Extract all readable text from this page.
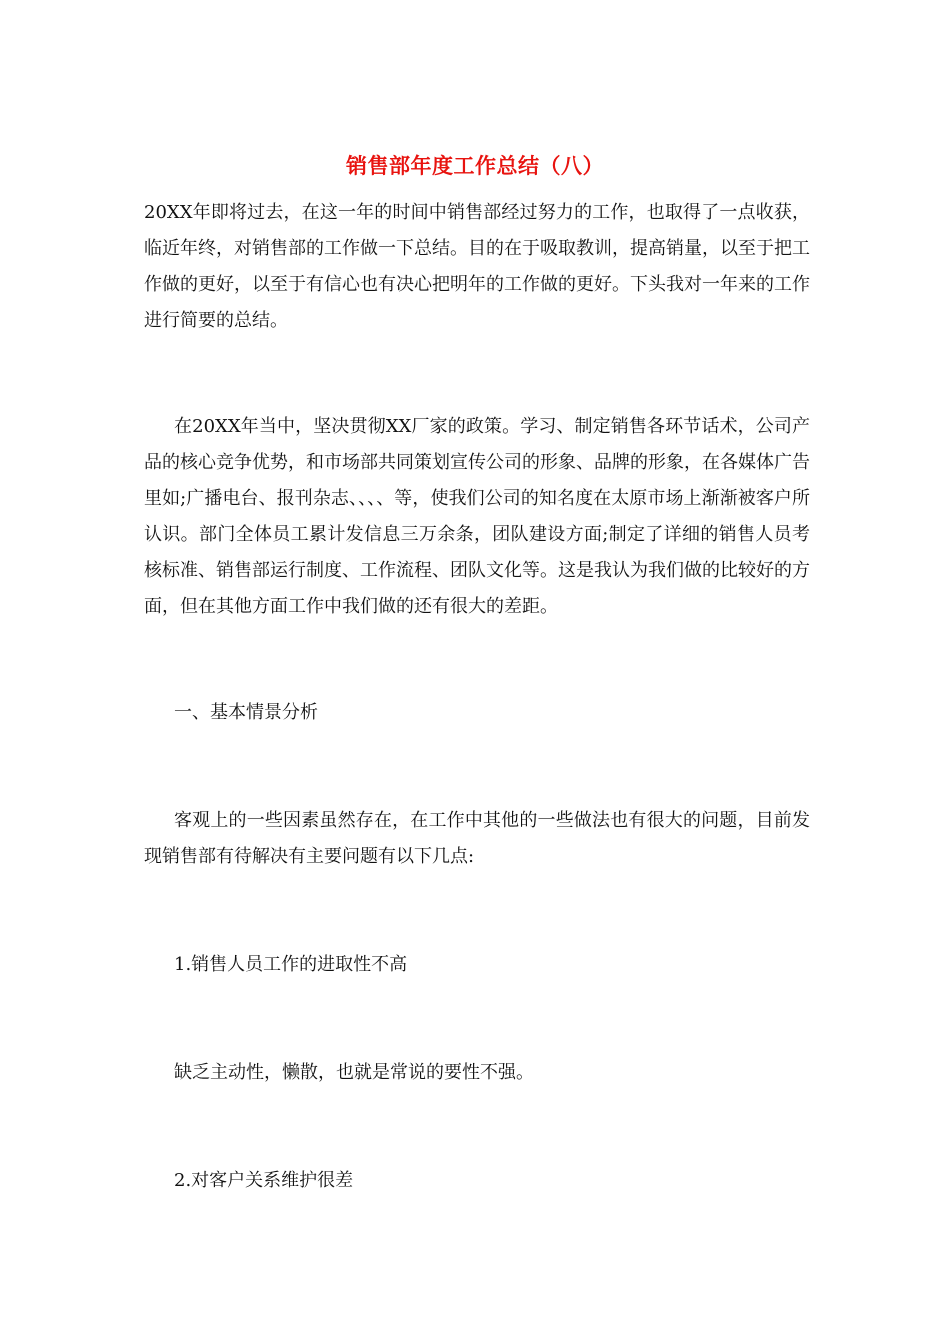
销售部年度工作总结（八）

20XX年即将过去，在这一年的时间中销售部经过努力的工作，也取得了一点收获，临近年终，对销售部的工作做一下总结。目的在于吸取教训，提高销量，以至于把工作做的更好，以至于有信心也有决心把明年的工作做的更好。下头我对一年来的工作进行简要的总结。

在20XX年当中，坚决贯彻XX厂家的政策。学习、制定销售各环节话术，公司产品的核心竞争优势，和市场部共同策划宣传公司的形象、品牌的形象，在各媒体广告里如;广播电台、报刊杂志、、、、等，使我们公司的知名度在太原市场上渐渐被客户所认识。部门全体员工累计发信息三万余条，团队建设方面;制定了详细的销售人员考核标准、销售部运行制度、工作流程、团队文化等。这是我认为我们做的比较好的方面，但在其他方面工作中我们做的还有很大的差距。

一、基本情景分析

客观上的一些因素虽然存在，在工作中其他的一些做法也有很大的问题，目前发现销售部有待解决有主要问题有以下几点:

1.销售人员工作的进取性不高

缺乏主动性，懒散，也就是常说的要性不强。

2.对客户关系维护很差
